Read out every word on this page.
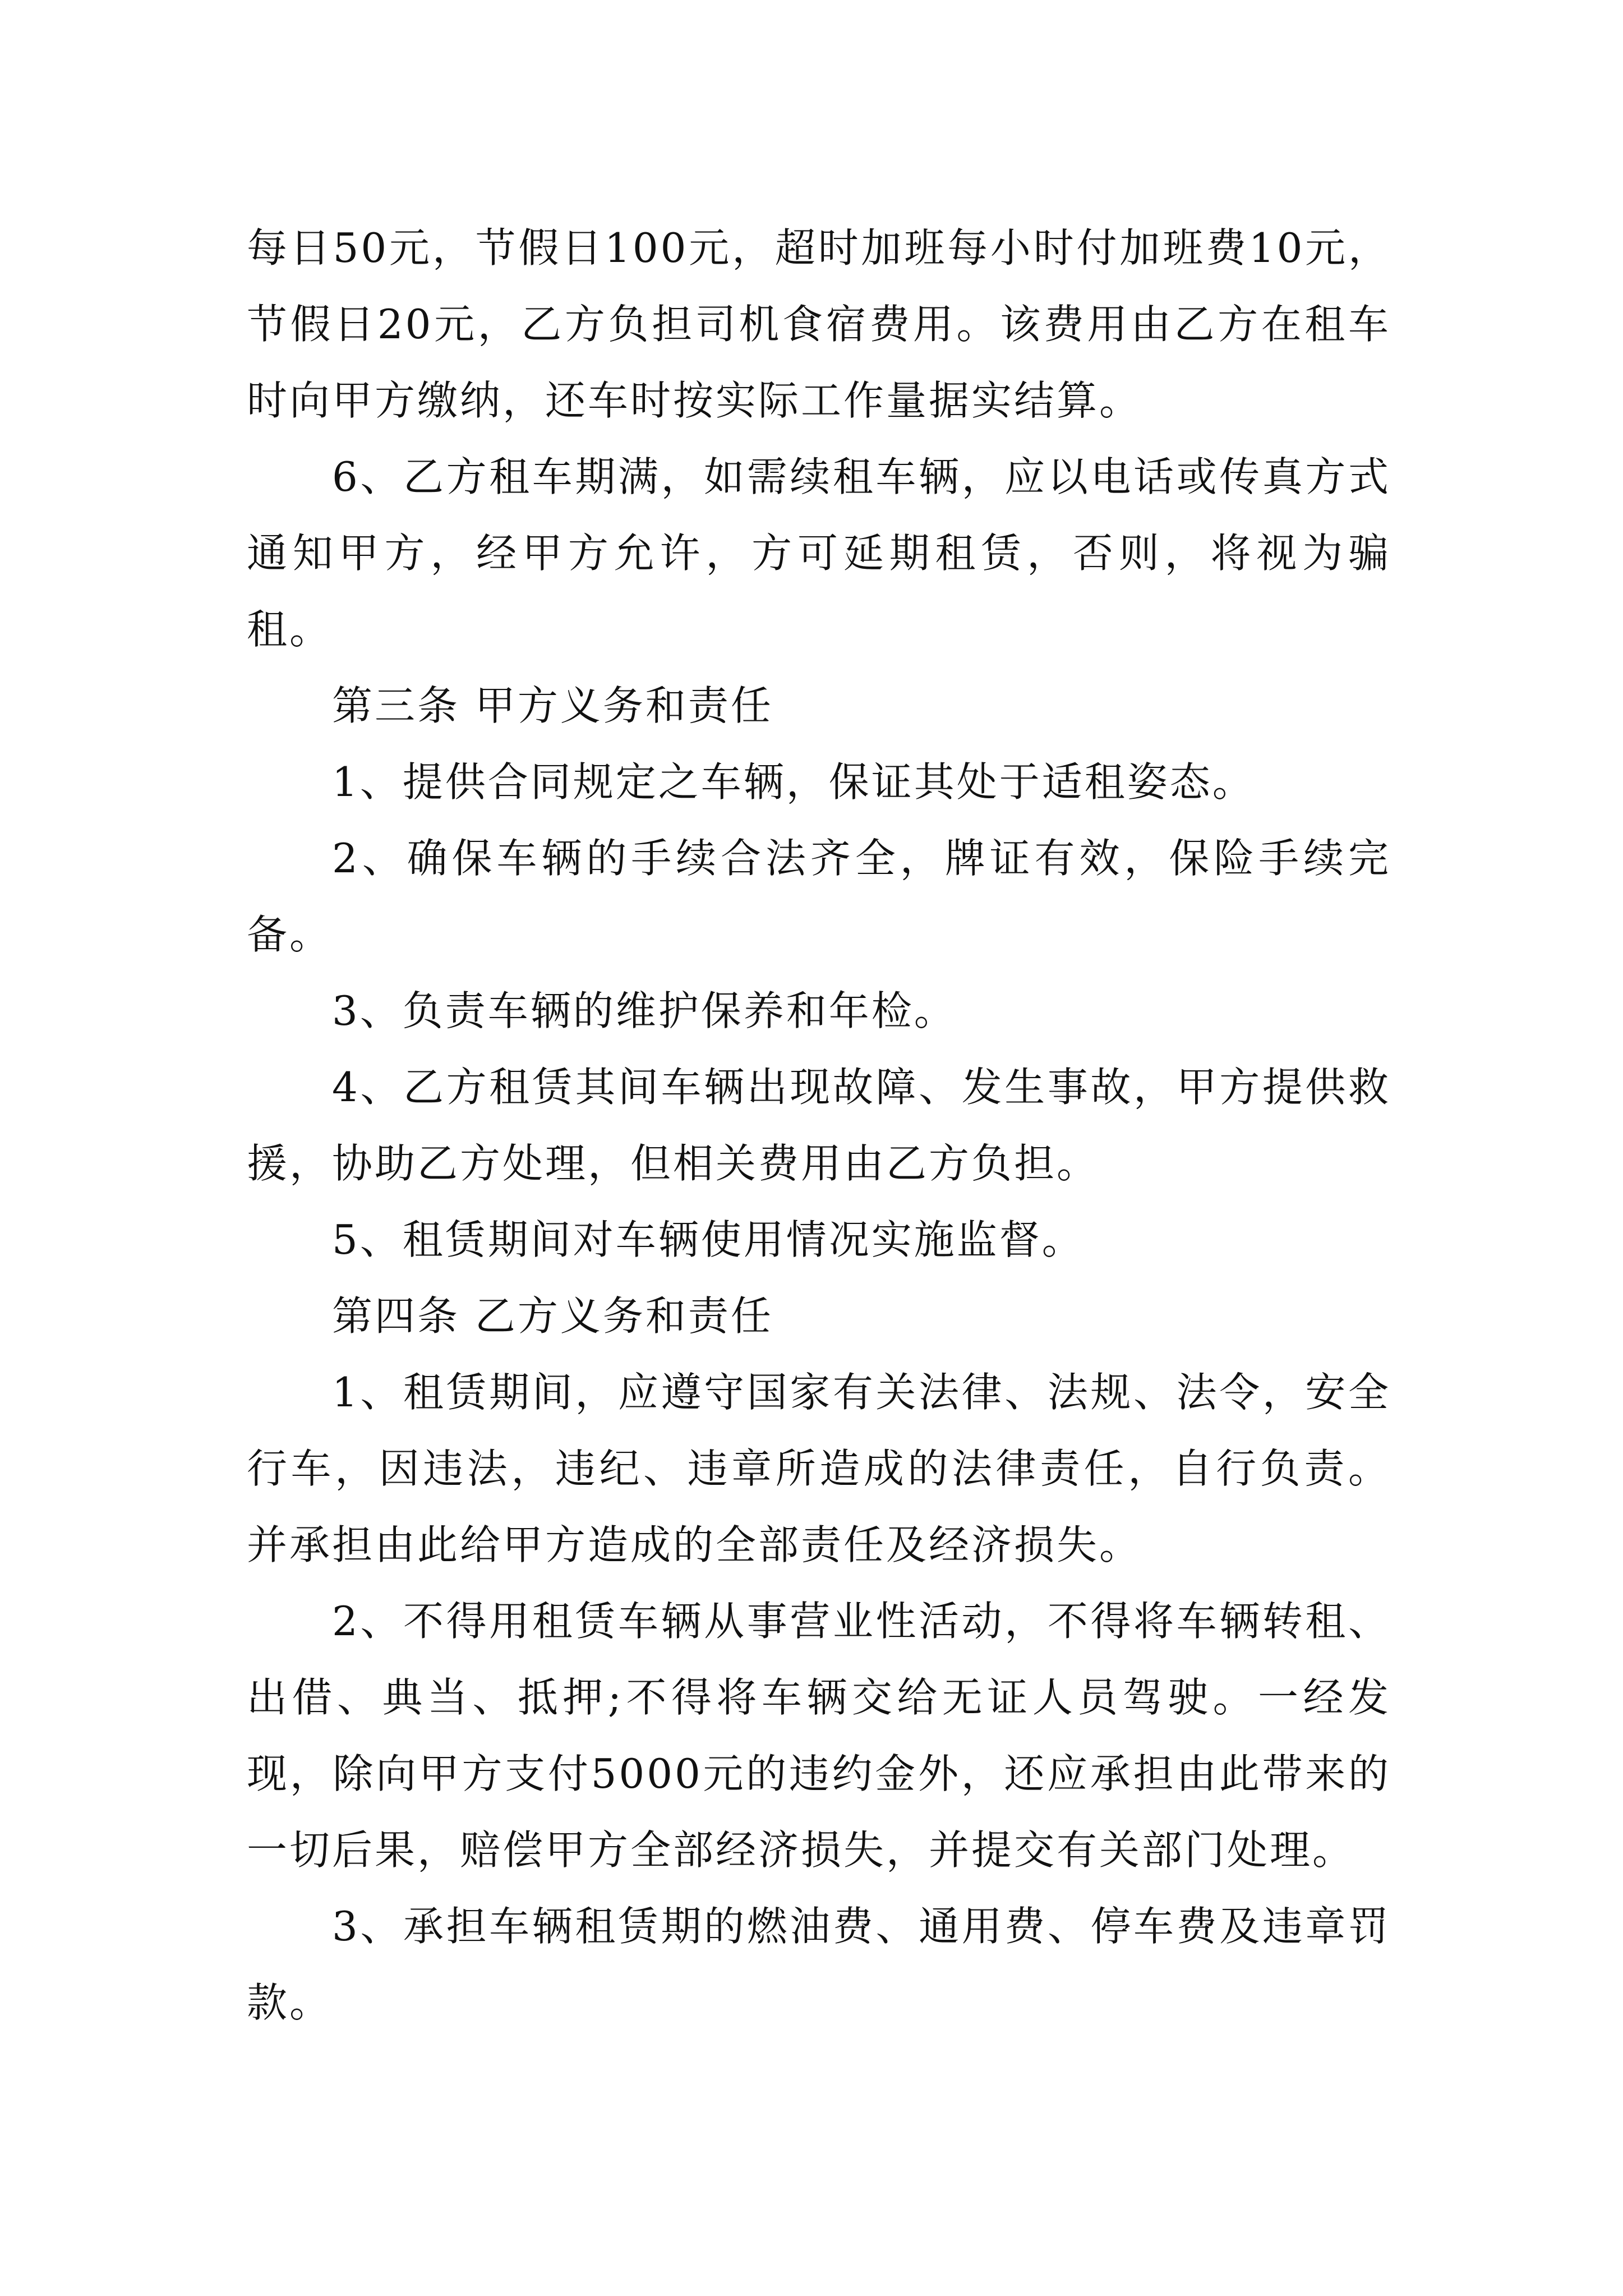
每日50元，节假日100元，超时加班每小时付加班费10元，节假日20元，乙方负担司机食宿费用。该费用由乙方在租车时向甲方缴纳，还车时按实际工作量据实结算。

6、乙方租车期满，如需续租车辆，应以电话或传真方式通知甲方，经甲方允许，方可延期租赁，否则，将视为骗租。

第三条 甲方义务和责任

1、提供合同规定之车辆，保证其处于适租姿态。

2、确保车辆的手续合法齐全，牌证有效，保险手续完备。

3、负责车辆的维护保养和年检。

4、乙方租赁其间车辆出现故障、发生事故，甲方提供救援，协助乙方处理，但相关费用由乙方负担。

5、租赁期间对车辆使用情况实施监督。

第四条 乙方义务和责任

1、租赁期间，应遵守国家有关法律、法规、法令，安全行车，因违法，违纪、违章所造成的法律责任，自行负责。并承担由此给甲方造成的全部责任及经济损失。

2、不得用租赁车辆从事营业性活动，不得将车辆转租、出借、典当、抵押;不得将车辆交给无证人员驾驶。一经发现，除向甲方支付5000元的违约金外，还应承担由此带来的一切后果，赔偿甲方全部经济损失，并提交有关部门处理。

3、承担车辆租赁期的燃油费、通用费、停车费及违章罚款。
